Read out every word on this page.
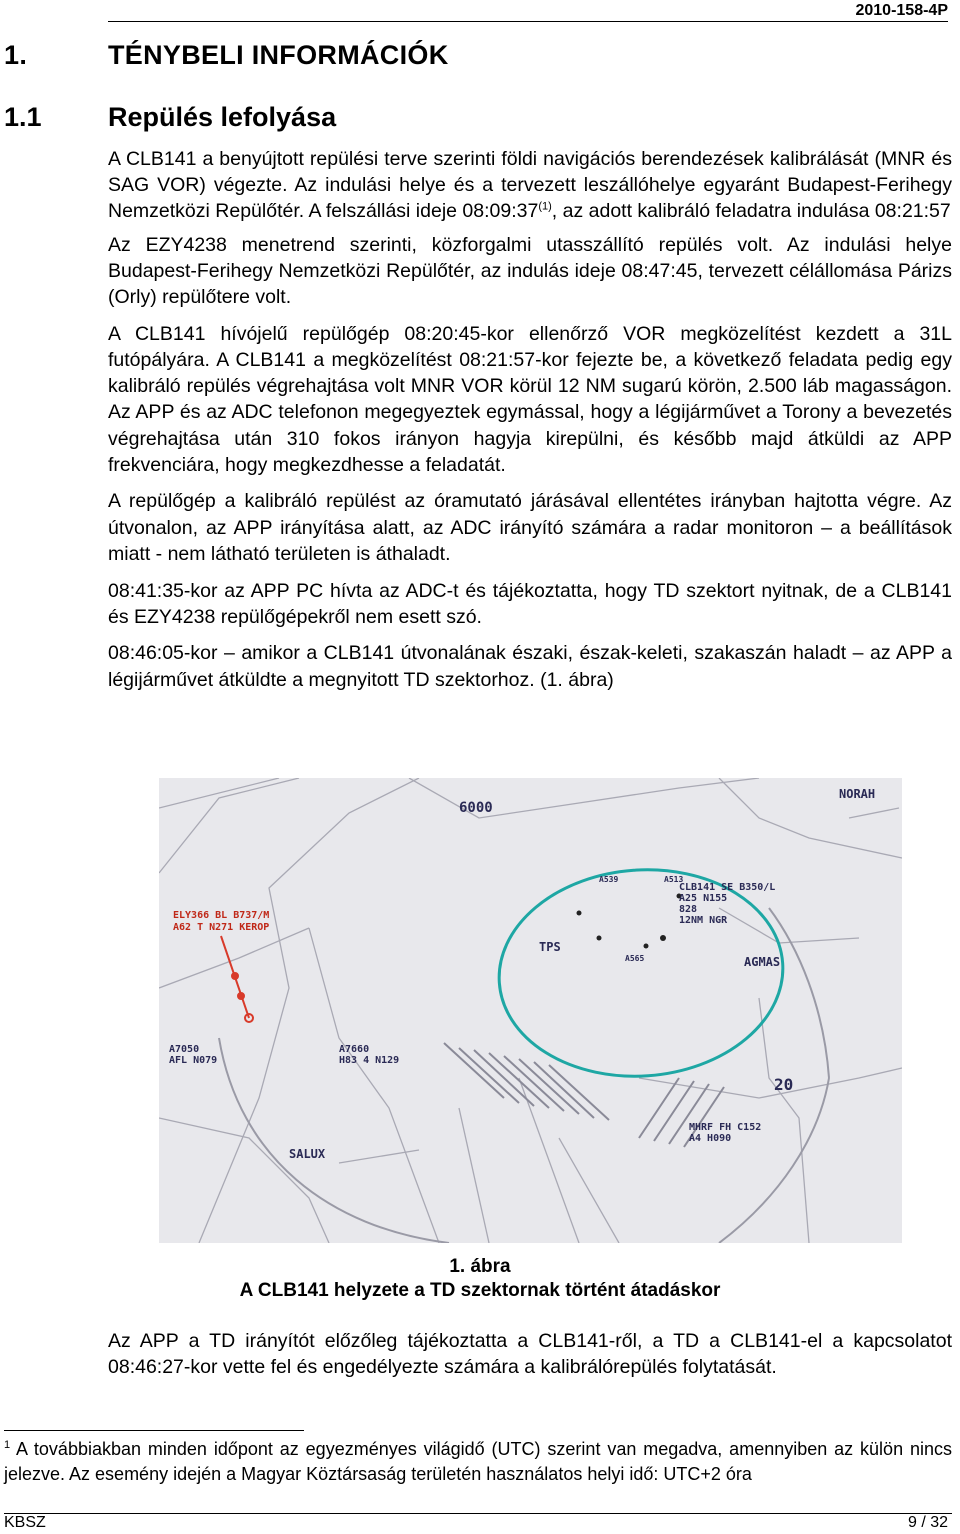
2010-158-4P
1.	TÉNYBELI INFORMÁCIÓK
1.1 Repülés lefolyása

A CLB141 a benyújtott repülési terve szerinti földi navigációs berendezések kalibrálását (MNR és SAG VOR) végezte. Az indulási helye és a tervezett leszállóhelye egyaránt Budapest-Ferihegy Nemzetközi Repülőtér. A felszállási ideje 08:09:37$^{(1)}$, az adott kalibráló feladatra indulása 08:21:57

Az EZY4238 menetrend szerinti, közforgalmi utasszállító repülés volt. Az indulási helye Budapest-Ferihegy Nemzetközi Repülőtér, az indulás ideje 08:47:45, tervezett célállomása Párizs (Orly) repülőtere volt.

A CLB141 hívójelű repülőgép 08:20:45-kor ellenőrző VOR megközelítést kezdett a 31L futópályára. A CLB141 a megközelítést 08:21:57-kor fejezte be, a következő feladata pedig egy kalibráló repülés végrehajtása volt MNR VOR körül 12 NM sugarú körön, 2.500 láb magasságon. Az APP és az ADC telefonon megegyeztek egymással, hogy a légijárművet a Torony a bevezetés végrehajtása után 310 fokos irányon hagyja kirepülni, és később majd átküldi az APP frekvenciára, hogy megkezdhesse a feladatát.

A repülőgép a kalibráló repülést az óramutató járásával ellentétes irányban hajtotta végre. Az útvonalon, az APP irányítása alatt, az ADC irányító számára a radar monitoron – a beállítások miatt - nem látható területen is áthaladt.

08:41:35-kor az APP PC hívta az ADC-t és tájékoztatta, hogy TD szektort nyitnak, de a CLB141 és EZY4238 repülőgépekről nem esett szó.

08:46:05-kor – amikor a CLB141 útvonalának északi, észak-keleti, szakaszán haladt – az APP a légijárművet átküldte a megnyitott TD szektorhoz. (1. ábra)

CLB141 SE B350/L
A25 N155
828
12NM NGR
ELY366 BL B737/M
A62 T N271 KEROP
A7050
AFL N079
A7660
H83 4 N129
MHRF FH C152
A4 H090
TPS
AGMAS
NORAH
SALUX
20
6000
A539	A513
A565
1. ábra
A CLB141 helyzete a TD szektornak történt átadáskor
Az APP a TD irányítót előzőleg tájékoztatta a CLB141-ről, a TD a CLB141-el a kapcsolatot 08:46:27-kor vette fel és engedélyezte számára a kalibrálórepülés folytatását.
$^1$ A továbbiakban minden időpont az egyezményes világidő (UTC) szerint van megadva, amennyiben az külön nincs jelezve. Az esemény idején a Magyar Köztársaság területén használatos helyi idő: UTC+2 óra
KBSZ	9 / 32
